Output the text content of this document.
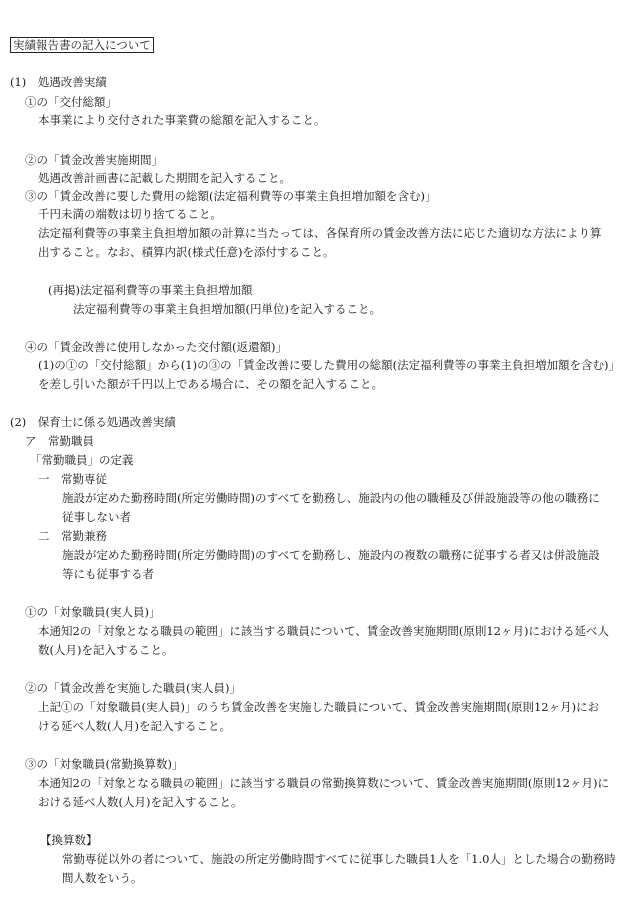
実績報告書の記入について
(1)　処遇改善実績
①の「交付総額」
本事業により交付された事業費の総額を記入すること。
②の「賃金改善実施期間」
処遇改善計画書に記載した期間を記入すること。
③の「賃金改善に要した費用の総額(法定福利費等の事業主負担増加額を含む)」
千円未満の端数は切り捨てること。
法定福利費等の事業主負担増加額の計算に当たっては、各保育所の賃金改善方法に応じた適切な方法により算
出すること。なお、積算内訳(様式任意)を添付すること。
(再掲)法定福利費等の事業主負担増加額
法定福利費等の事業主負担増加額(円単位)を記入すること。
④の「賃金改善に使用しなかった交付額(返還額)」
(1)の①の「交付総額」から(1)の③の「賃金改善に要した費用の総額(法定福利費等の事業主負担増加額を含む)」
を差し引いた額が千円以上である場合に、その額を記入すること。
(2)　保育士に係る処遇改善実績
ア　常勤職員
「常勤職員」の定義
一　常勤専従
施設が定めた勤務時間(所定労働時間)のすべてを勤務し、施設内の他の職種及び併設施設等の他の職務に
従事しない者
二　常勤兼務
施設が定めた勤務時間(所定労働時間)のすべてを勤務し、施設内の複数の職務に従事する者又は併設施設
等にも従事する者
①の「対象職員(実人員)」
本通知2の「対象となる職員の範囲」に該当する職員について、賃金改善実施期間(原則12ヶ月)における延べ人
数(人月)を記入すること。
②の「賃金改善を実施した職員(実人員)」
上記①の「対象職員(実人員)」のうち賃金改善を実施した職員について、賃金改善実施期間(原則12ヶ月)にお
ける延べ人数(人月)を記入すること。
③の「対象職員(常勤換算数)」
本通知2の「対象となる職員の範囲」に該当する職員の常勤換算数について、賃金改善実施期間(原則12ヶ月)に
おける延べ人数(人月)を記入すること。
【換算数】
常勤専従以外の者について、施設の所定労働時間すべてに従事した職員1人を「1.0人」とした場合の勤務時
間人数をいう。
